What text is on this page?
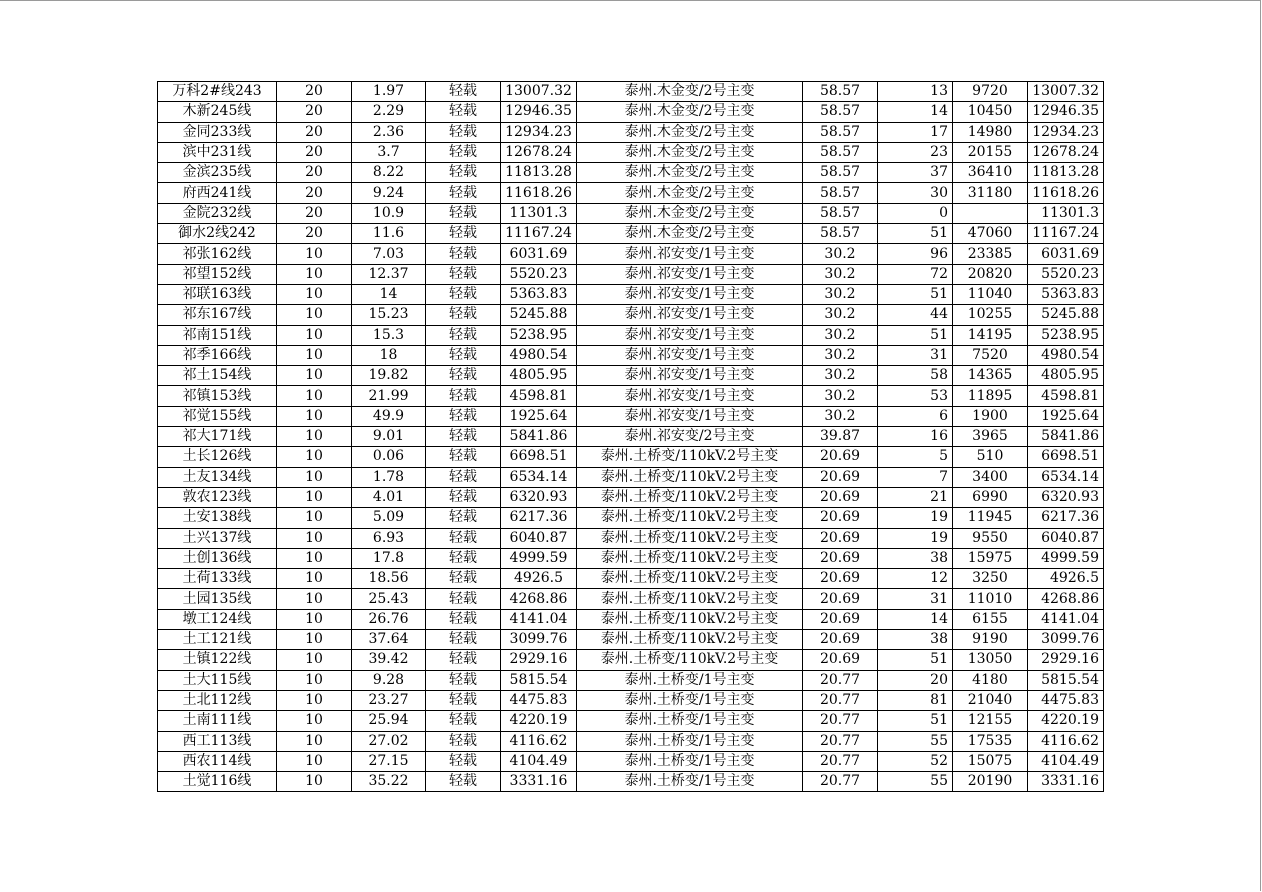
万科2#线243	20	1.97	轻载	13007.32	泰州.木金变/2号主变	58.57	13	9720	13007.32
木新245线	20	2.29	轻载	12946.35	泰州.木金变/2号主变	58.57	14	10450	12946.35
金同233线	20	2.36	轻载	12934.23	泰州.木金变/2号主变	58.57	17	14980	12934.23
滨中231线	20	3.7	轻载	12678.24	泰州.木金变/2号主变	58.57	23	20155	12678.24
金滨235线	20	8.22	轻载	11813.28	泰州.木金变/2号主变	58.57	37	36410	11813.28
府西241线	20	9.24	轻载	11618.26	泰州.木金变/2号主变	58.57	30	31180	11618.26
金院232线	20	10.9	轻载	11301.3	泰州.木金变/2号主变	58.57	0		11301.3
御水2线242	20	11.6	轻载	11167.24	泰州.木金变/2号主变	58.57	51	47060	11167.24
祁张162线	10	7.03	轻载	6031.69	泰州.祁安变/1号主变	30.2	96	23385	6031.69
祁望152线	10	12.37	轻载	5520.23	泰州.祁安变/1号主变	30.2	72	20820	5520.23
祁联163线	10	14	轻载	5363.83	泰州.祁安变/1号主变	30.2	51	11040	5363.83
祁东167线	10	15.23	轻载	5245.88	泰州.祁安变/1号主变	30.2	44	10255	5245.88
祁南151线	10	15.3	轻载	5238.95	泰州.祁安变/1号主变	30.2	51	14195	5238.95
祁季166线	10	18	轻载	4980.54	泰州.祁安变/1号主变	30.2	31	7520	4980.54
祁土154线	10	19.82	轻载	4805.95	泰州.祁安变/1号主变	30.2	58	14365	4805.95
祁镇153线	10	21.99	轻载	4598.81	泰州.祁安变/1号主变	30.2	53	11895	4598.81
祁觉155线	10	49.9	轻载	1925.64	泰州.祁安变/1号主变	30.2	6	1900	1925.64
祁大171线	10	9.01	轻载	5841.86	泰州.祁安变/2号主变	39.87	16	3965	5841.86
土长126线	10	0.06	轻载	6698.51	泰州.土桥变/110kV.2号主变	20.69	5	510	6698.51
土友134线	10	1.78	轻载	6534.14	泰州.土桥变/110kV.2号主变	20.69	7	3400	6534.14
敦农123线	10	4.01	轻载	6320.93	泰州.土桥变/110kV.2号主变	20.69	21	6990	6320.93
土安138线	10	5.09	轻载	6217.36	泰州.土桥变/110kV.2号主变	20.69	19	11945	6217.36
土兴137线	10	6.93	轻载	6040.87	泰州.土桥变/110kV.2号主变	20.69	19	9550	6040.87
土创136线	10	17.8	轻载	4999.59	泰州.土桥变/110kV.2号主变	20.69	38	15975	4999.59
土荷133线	10	18.56	轻载	4926.5	泰州.土桥变/110kV.2号主变	20.69	12	3250	4926.5
土园135线	10	25.43	轻载	4268.86	泰州.土桥变/110kV.2号主变	20.69	31	11010	4268.86
墩工124线	10	26.76	轻载	4141.04	泰州.土桥变/110kV.2号主变	20.69	14	6155	4141.04
土工121线	10	37.64	轻载	3099.76	泰州.土桥变/110kV.2号主变	20.69	38	9190	3099.76
土镇122线	10	39.42	轻载	2929.16	泰州.土桥变/110kV.2号主变	20.69	51	13050	2929.16
土大115线	10	9.28	轻载	5815.54	泰州.土桥变/1号主变	20.77	20	4180	5815.54
土北112线	10	23.27	轻载	4475.83	泰州.土桥变/1号主变	20.77	81	21040	4475.83
土南111线	10	25.94	轻载	4220.19	泰州.土桥变/1号主变	20.77	51	12155	4220.19
西工113线	10	27.02	轻载	4116.62	泰州.土桥变/1号主变	20.77	55	17535	4116.62
西农114线	10	27.15	轻载	4104.49	泰州.土桥变/1号主变	20.77	52	15075	4104.49
土觉116线	10	35.22	轻载	3331.16	泰州.土桥变/1号主变	20.77	55	20190	3331.16
